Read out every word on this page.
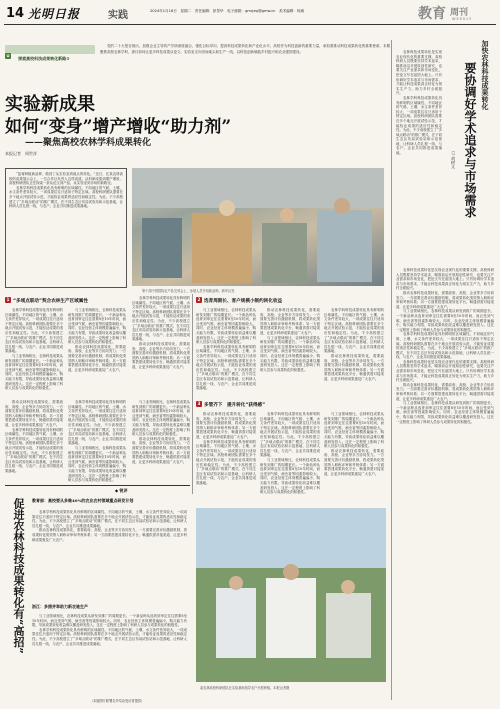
14 光明日报	实践	2024年1月16日　星期二　责任编辑：彭景华　电子邮箱：gmrjzsj@gmw.cn　美术编辑：杨威	教育 周刊
WEEKLY
✿ 探索高校科技成果转化新路③

党的二十大报告指出，加强企业主导的产学研深度融合，强化目标导向，提高科技成果转化和产业化水平。高校作为科技创新的重要力量，承担着推动科技成果转化的重要使命。本期聚焦高校农林学科，探讨如何让更多科技成果从论文、实验室走向田间地头和生产一线，以科技创新赋能乡村振兴和农业强国建设。

实验新成果
如何“变身”增产增收“助力剂”
——聚焦高校农林学科成果转化
本报记者　周世祥
加快农林科技成果转化
要协调好学术追求与市场需求
□ 胡树文

农林科技成果转化是实现农业现代化的重要支撑。高校科研人员既要坚持学术追求，瞄准前沿开展原创性研究，也要关注产业需求和市场变化，把论文写在祖国大地上。只有协调好学术追求与市场需求，才能让科技成果真正转化为现实生产力，助力乡村全面振兴。

农林学科科技成果转化具有鲜明的区域属性。不同地区的气候、土壤、水文条件差异较大，一项成果往往只适用于特定区域。高校科研团队需要在多个地点开展试验示范，才能验证成果的适应性和稳定性。为此，不少高校建立了“多域点联动”的推广模式，在不同生态区布局试验站和示范基地，让科研人员扎根一线，与农户、企业共同推进成果落地。

农林科技成果转化是实现农业现代化的重要支撑。高校科研人员既要坚持学术追求，瞄准前沿开展原创性研究，也要关注产业需求和市场变化，把论文写在祖国大地上。只有协调好学术追求与市场需求，才能让科技成果真正转化为现实生产力，助力乡村全面振兴。

推动农林科技成果转化，需要政府、高校、企业等多方协同发力。一方面要完善评价激励机制，将成果转化绩效纳入职称评审和考核体系；另一方面要搭建成果转化平台，畅通供需对接渠道，让更多科研成果惠及广大农户。

与工业领域相比，农林科技成果从研发到推广的周期更长。一个新品种从选育到审定往往需要8至10年时间，而且受到气候、病虫害等因素影响较大。同时，农业经营主体规模普遍偏小，购买能力有限，导致成果转化收益难以覆盖研发投入。这在一定程度上影响了科研人员参与成果转化的积极性。

农林学科科技成果转化具有鲜明的区域属性。不同地区的气候、土壤、水文条件差异较大，一项成果往往只适用于特定区域。高校科研团队需要在多个地点开展试验示范，才能验证成果的适应性和稳定性。为此，不少高校建立了“多域点联动”的推广模式，在不同生态区布局试验站和示范基地，让科研人员扎根一线，与农户、企业共同推进成果落地。

农林科技成果转化是实现农业现代化的重要支撑。高校科研人员既要坚持学术追求，瞄准前沿开展原创性研究，也要关注产业需求和市场变化，把论文写在祖国大地上。只有协调好学术追求与市场需求，才能让科技成果真正转化为现实生产力，助力乡村全面振兴。

推动农林科技成果转化，需要政府、高校、企业等多方协同发力。一方面要完善评价激励机制，将成果转化绩效纳入职称评审和考核体系；另一方面要搭建成果转化平台，畅通供需对接渠道，让更多科研成果惠及广大农户。

与工业领域相比，农林科技成果从研发到推广的周期更长。一个新品种从选育到审定往往需要8至10年时间，而且受到气候、病虫害等因素影响较大。同时，农业经营主体规模普遍偏小，购买能力有限，导致成果转化收益难以覆盖研发投入。这在一定程度上影响了科研人员参与成果转化的积极性。

“蓝莓种植新品种，做到了从实验室到地头的转化。”近日，在某农林高校的成果展示会上，一位合作社负责人这样说道。从科研成果到增产增收，高校科研团队正在探索一条从论文到产品、从实验室到市场的新路径。

农林学科科技成果转化具有鲜明的区域属性。不同地区的气候、土壤、水文条件差异较大，一项成果往往只适用于特定区域。高校科研团队需要在多个地点开展试验示范，才能验证成果的适应性和稳定性。为此，不少高校建立了“多域点联动”的推广模式，在不同生态区布局试验站和示范基地，让科研人员扎根一线，与农户、企业共同推进成果落地。

第十届中国国际农产品交易会上，参展人员介绍新品种。新华社发
1 “多域点联动”契合农林生产区域属性

农林学科科技成果转化具有鲜明的区域属性。不同地区的气候、土壤、水文条件差异较大，一项成果往往只适用于特定区域。高校科研团队需要在多个地点开展试验示范，才能验证成果的适应性和稳定性。为此，不少高校建立了“多域点联动”的推广模式，在不同生态区布局试验站和示范基地，让科研人员扎根一线，与农户、企业共同推进成果落地。

与工业领域相比，农林科技成果从研发到推广的周期更长。一个新品种从选育到审定往往需要8至10年时间，而且受到气候、病虫害等因素影响较大。同时，农业经营主体规模普遍偏小，购买能力有限，导致成果转化收益难以覆盖研发投入。这在一定程度上影响了科研人员参与成果转化的积极性。

与工业领域相比，农林科技成果从研发到推广的周期更长。一个新品种从选育到审定往往需要8至10年时间，而且受到气候、病虫害等因素影响较大。同时，农业经营主体规模普遍偏小，购买能力有限，导致成果转化收益难以覆盖研发投入。这在一定程度上影响了科研人员参与成果转化的积极性。

推动农林科技成果转化，需要政府、高校、企业等多方协同发力。一方面要完善评价激励机制，将成果转化绩效纳入职称评审和考核体系；另一方面要搭建成果转化平台，畅通供需对接渠道，让更多科研成果惠及广大农户。

农林学科科技成果转化具有鲜明的区域属性。不同地区的气候、土壤、水文条件差异较大，一项成果往往只适用于特定区域。高校科研团队需要在多个地点开展试验示范，才能验证成果的适应性和稳定性。为此，不少高校建立了“多域点联动”的推广模式，在不同生态区布局试验站和示范基地，让科研人员扎根一线，与农户、企业共同推进成果落地。

推动农林科技成果转化，需要政府、高校、企业等多方协同发力。一方面要完善评价激励机制，将成果转化绩效纳入职称评审和考核体系；另一方面要搭建成果转化平台，畅通供需对接渠道，让更多科研成果惠及广大农户。

2 选育周期长、客户规模小制约转化收益

与工业领域相比，农林科技成果从研发到推广的周期更长。一个新品种从选育到审定往往需要8至10年时间，而且受到气候、病虫害等因素影响较大。同时，农业经营主体规模普遍偏小，购买能力有限，导致成果转化收益难以覆盖研发投入。这在一定程度上影响了科研人员参与成果转化的积极性。

农林学科科技成果转化具有鲜明的区域属性。不同地区的气候、土壤、水文条件差异较大，一项成果往往只适用于特定区域。高校科研团队需要在多个地点开展试验示范，才能验证成果的适应性和稳定性。为此，不少高校建立了“多域点联动”的推广模式，在不同生态区布局试验站和示范基地，让科研人员扎根一线，与农户、企业共同推进成果落地。

推动农林科技成果转化，需要政府、高校、企业等多方协同发力。一方面要完善评价激励机制，将成果转化绩效纳入职称评审和考核体系；另一方面要搭建成果转化平台，畅通供需对接渠道，让更多科研成果惠及广大农户。

与工业领域相比，农林科技成果从研发到推广的周期更长。一个新品种从选育到审定往往需要8至10年时间，而且受到气候、病虫害等因素影响较大。同时，农业经营主体规模普遍偏小，购买能力有限，导致成果转化收益难以覆盖研发投入。这在一定程度上影响了科研人员参与成果转化的积极性。

农林学科科技成果转化具有鲜明的区域属性。不同地区的气候、土壤、水文条件差异较大，一项成果往往只适用于特定区域。高校科研团队需要在多个地点开展试验示范，才能验证成果的适应性和稳定性。为此，不少高校建立了“多域点联动”的推广模式，在不同生态区布局试验站和示范基地，让科研人员扎根一线，与农户、企业共同推进成果落地。

推动农林科技成果转化，需要政府、高校、企业等多方协同发力。一方面要完善评价激励机制，将成果转化绩效纳入职称评审和考核体系；另一方面要搭建成果转化平台，畅通供需对接渠道，让更多科研成果惠及广大农户。

推动农林科技成果转化，需要政府、高校、企业等多方协同发力。一方面要完善评价激励机制，将成果转化绩效纳入职称评审和考核体系；另一方面要搭建成果转化平台，畅通供需对接渠道，让更多科研成果惠及广大农户。

农林学科科技成果转化具有鲜明的区域属性。不同地区的气候、土壤、水文条件差异较大，一项成果往往只适用于特定区域。高校科研团队需要在多个地点开展试验示范，才能验证成果的适应性和稳定性。为此，不少高校建立了“多域点联动”的推广模式，在不同生态区布局试验站和示范基地，让科研人员扎根一线，与农户、企业共同推进成果落地。

农林学科科技成果转化具有鲜明的区域属性。不同地区的气候、土壤、水文条件差异较大，一项成果往往只适用于特定区域。高校科研团队需要在多个地点开展试验示范，才能验证成果的适应性和稳定性。为此，不少高校建立了“多域点联动”的推广模式，在不同生态区布局试验站和示范基地，让科研人员扎根一线，与农户、企业共同推进成果落地。

与工业领域相比，农林科技成果从研发到推广的周期更长。一个新品种从选育到审定往往需要8至10年时间，而且受到气候、病虫害等因素影响较大。同时，农业经营主体规模普遍偏小，购买能力有限，导致成果转化收益难以覆盖研发投入。这在一定程度上影响了科研人员参与成果转化的积极性。

与工业领域相比，农林科技成果从研发到推广的周期更长。一个新品种从选育到审定往往需要8至10年时间，而且受到气候、病虫害等因素影响较大。同时，农业经营主体规模普遍偏小，购买能力有限，导致成果转化收益难以覆盖研发投入。这在一定程度上影响了科研人员参与成果转化的积极性。

推动农林科技成果转化，需要政府、高校、企业等多方协同发力。一方面要完善评价激励机制，将成果转化绩效纳入职称评审和考核体系；另一方面要搭建成果转化平台，畅通供需对接渠道，让更多科研成果惠及广大农户。

3 多管齐下　提升转化“获得感”

推动农林科技成果转化，需要政府、高校、企业等多方协同发力。一方面要完善评价激励机制，将成果转化绩效纳入职称评审和考核体系；另一方面要搭建成果转化平台，畅通供需对接渠道，让更多科研成果惠及广大农户。

农林学科科技成果转化具有鲜明的区域属性。不同地区的气候、土壤、水文条件差异较大，一项成果往往只适用于特定区域。高校科研团队需要在多个地点开展试验示范，才能验证成果的适应性和稳定性。为此，不少高校建立了“多域点联动”的推广模式，在不同生态区布局试验站和示范基地，让科研人员扎根一线，与农户、企业共同推进成果落地。

农林学科科技成果转化具有鲜明的区域属性。不同地区的气候、土壤、水文条件差异较大，一项成果往往只适用于特定区域。高校科研团队需要在多个地点开展试验示范，才能验证成果的适应性和稳定性。为此，不少高校建立了“多域点联动”的推广模式，在不同生态区布局试验站和示范基地，让科研人员扎根一线，与农户、企业共同推进成果落地。

与工业领域相比，农林科技成果从研发到推广的周期更长。一个新品种从选育到审定往往需要8至10年时间，而且受到气候、病虫害等因素影响较大。同时，农业经营主体规模普遍偏小，购买能力有限，导致成果转化收益难以覆盖研发投入。这在一定程度上影响了科研人员参与成果转化的积极性。

与工业领域相比，农林科技成果从研发到推广的周期更长。一个新品种从选育到审定往往需要8至10年时间，而且受到气候、病虫害等因素影响较大。同时，农业经营主体规模普遍偏小，购买能力有限，导致成果转化收益难以覆盖研发投入。这在一定程度上影响了科研人员参与成果转化的积极性。

推动农林科技成果转化，需要政府、高校、企业等多方协同发力。一方面要完善评价激励机制，将成果转化绩效纳入职称评审和考核体系；另一方面要搭建成果转化平台，畅通供需对接渠道，让更多科研成果惠及广大农户。

◆ 锐评
促进农林科技成果转化有“高招” 教育部：高校要从多维40%的农业农村领域重点研发计划

农林学科科技成果转化具有鲜明的区域属性。不同地区的气候、土壤、水文条件差异较大，一项成果往往只适用于特定区域。高校科研团队需要在多个地点开展试验示范，才能验证成果的适应性和稳定性。为此，不少高校建立了“多域点联动”的推广模式，在不同生态区布局试验站和示范基地，让科研人员扎根一线，与农户、企业共同推进成果落地。

推动农林科技成果转化，需要政府、高校、企业等多方协同发力。一方面要完善评价激励机制，将成果转化绩效纳入职称评审和考核体系；另一方面要搭建成果转化平台，畅通供需对接渠道，让更多科研成果惠及广大农户。

浙江：多措并举助力新农驰生产

与工业领域相比，农林科技成果从研发到推广的周期更长。一个新品种从选育到审定往往需要8至10年时间，而且受到气候、病虫害等因素影响较大。同时，农业经营主体规模普遍偏小，购买能力有限，导致成果转化收益难以覆盖研发投入。这在一定程度上影响了科研人员参与成果转化的积极性。

农林学科科技成果转化具有鲜明的区域属性。不同地区的气候、土壤、水文条件差异较大，一项成果往往只适用于特定区域。高校科研团队需要在多个地点开展试验示范，才能验证成果的适应性和稳定性。为此，不少高校建立了“多域点联动”的推广模式，在不同生态区布局试验站和示范基地，让科研人员扎根一线，与农户、企业共同推进成果落地。

（本版图片除署名外均由受访者提供）
某农林高校科研团队在实验基地指导农户开展种植。本报记者摄
